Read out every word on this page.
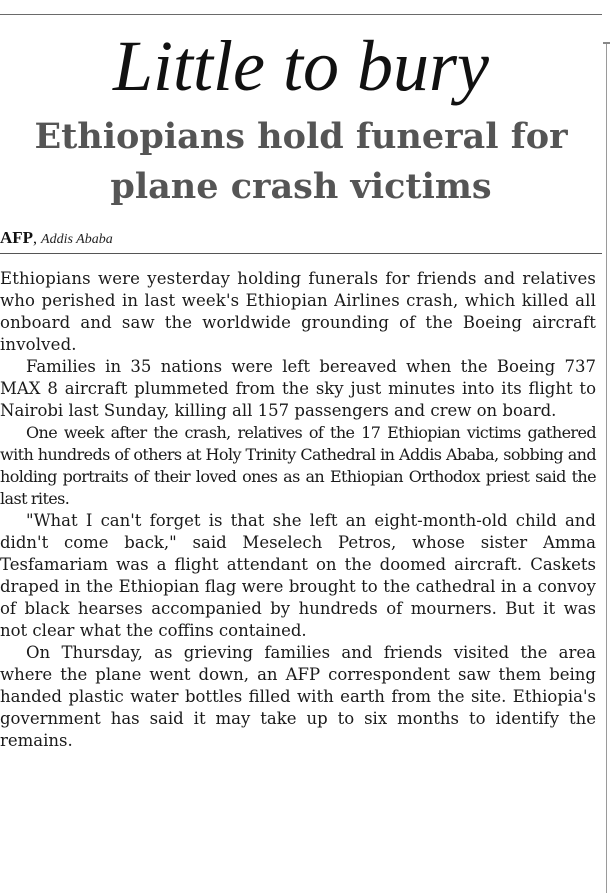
Little to bury
Ethiopians hold funeral for plane crash victims
AFP, Addis Ababa

Ethiopians were yesterday holding funerals for friends and relatives who perished in last week's Ethiopian Airlines crash, which killed all onboard and saw the worldwide grounding of the Boeing aircraft involved.

Families in 35 nations were left bereaved when the Boeing 737 MAX 8 aircraft plummeted from the sky just minutes into its flight to Nairobi last Sunday, killing all 157 passengers and crew on board.

One week after the crash, relatives of the 17 Ethiopian victims gathered with hundreds of others at Holy Trinity Cathedral in Addis Ababa, sobbing and holding portraits of their loved ones as an Ethiopian Orthodox priest said the last rites.

"What I can't forget is that she left an eight-month-old child and didn't come back," said Meselech Petros, whose sister Amma Tesfamariam was a flight attendant on the doomed aircraft. Caskets draped in the Ethiopian flag were brought to the cathedral in a convoy of black hearses accompanied by hundreds of mourners. But it was not clear what the coffins contained.

On Thursday, as grieving families and friends visited the area where the plane went down, an AFP correspondent saw them being handed plastic water bottles filled with earth from the site. Ethiopia's government has said it may take up to six months to identify the remains.
